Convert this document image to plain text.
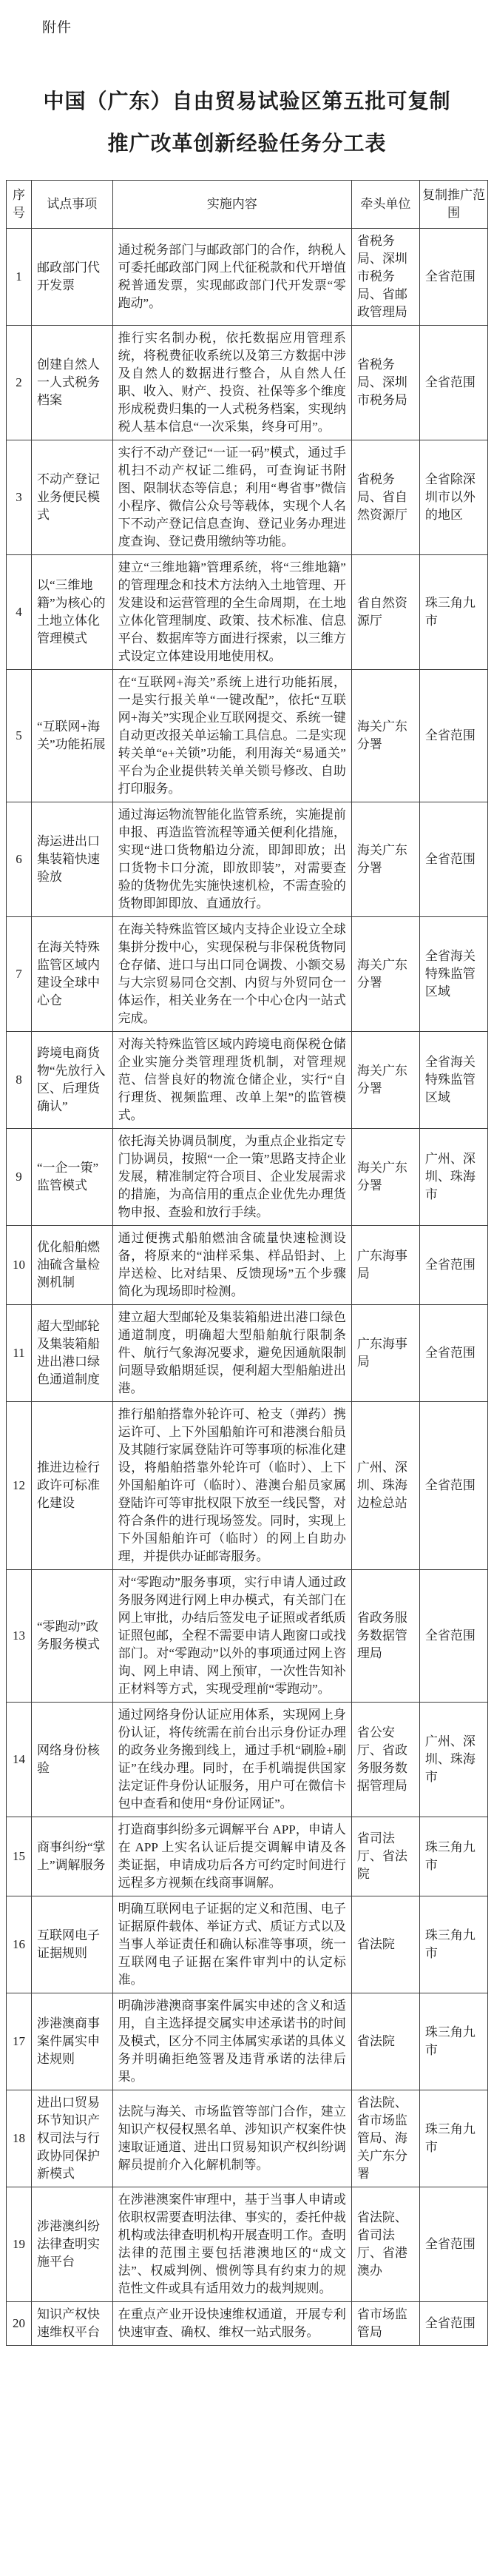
附件
中国（广东）自由贸易试验区第五批可复制
推广改革创新经验任务分工表
序号	试点事项	实施内容	牵头单位	复制推广范围
1	邮政部门代开发票	通过税务部门与邮政部门的合作，纳税人可委托邮政部门网上代征税款和代开增值税普通发票，实现邮政部门代开发票“零跑动”。	省税务局、深圳市税务局、省邮政管理局	全省范围
2	创建自然人一人式税务档案	推行实名制办税，依托数据应用管理系统，将税费征收系统以及第三方数据中涉及自然人的数据进行整合，从自然人任职、收入、财产、投资、社保等多个维度形成税费归集的一人式税务档案，实现纳税人基本信息“一次采集，终身可用”。	省税务局、深圳市税务局	全省范围
3	不动产登记业务便民模式	实行不动产登记“一证一码”模式，通过手机扫不动产权证二维码，可查询证书附图、限制状态等信息；利用“粤省事”微信小程序、微信公众号等载体，实现个人名下不动产登记信息查询、登记业务办理进度查询、登记费用缴纳等功能。	省税务局、省自然资源厅	全省除深圳市以外的地区
4	以“三维地籍”为核心的土地立体化管理模式	建立“三维地籍”管理系统，将“三维地籍”的管理理念和技术方法纳入土地管理、开发建设和运营管理的全生命周期，在土地立体化管理制度、政策、技术标准、信息平台、数据库等方面进行探索，以三维方式设定立体建设用地使用权。	省自然资源厅	珠三角九市
5	“互联网+海关”功能拓展	在“互联网+海关”系统上进行功能拓展，一是实行报关单“一键改配”，依托“互联网+海关”实现企业互联网提交、系统一键自动更改报关单运输工具信息。二是实现转关单“e+关锁”功能，利用海关“易通关”平台为企业提供转关单关锁号修改、自助打印服务。	海关广东分署	全省范围
6	海运进出口集装箱快速验放	通过海运物流智能化监管系统，实施提前申报、再造监管流程等通关便利化措施，实现“进口货物船边分流，即卸即放；出口货物卡口分流，即放即装”，对需要查验的货物优先实施快速机检，不需查验的货物即卸即放、直通放行。	海关广东分署	全省范围
7	在海关特殊监管区域内建设全球中心仓	在海关特殊监管区域内支持企业设立全球集拼分拨中心，实现保税与非保税货物同仓存储、进口与出口同仓调拨、小额交易与大宗贸易同仓交割、内贸与外贸同仓一体运作，相关业务在一个中心仓内一站式完成。	海关广东分署	全省海关特殊监管区域
8	跨境电商货物“先放行入区、后理货确认”	对海关特殊监管区域内跨境电商保税仓储企业实施分类管理理货机制，对管理规范、信誉良好的物流仓储企业，实行“自行理货、视频监理、改单上架”的监管模式。	海关广东分署	全省海关特殊监管区域
9	“一企一策”监管模式	依托海关协调员制度，为重点企业指定专门协调员，按照“一企一策”思路支持企业发展，精准制定符合项目、企业发展需求的措施，为高信用的重点企业优先办理货物申报、查验和放行手续。	海关广东分署	广州、深圳、珠海市
10	优化船舶燃油硫含量检测机制	通过便携式船舶燃油含硫量快速检测设备，将原来的“油样采集、样品铅封、上岸送检、比对结果、反馈现场”五个步骤简化为现场即时检测。	广东海事局	全省范围
11	超大型邮轮及集装箱船进出港口绿色通道制度	建立超大型邮轮及集装箱船进出港口绿色通道制度，明确超大型船舶航行限制条件、航行气象海况要求，避免因通航限制问题导致船期延误，便利超大型船舶进出港。	广东海事局	全省范围
12	推进边检行政许可标准化建设	推行船舶搭靠外轮许可、枪支（弹药）携运许可、上下外国船舶许可和港澳台船员及其随行家属登陆许可等事项的标准化建设，将船舶搭靠外轮许可（临时）、上下外国船舶许可（临时）、港澳台船员家属登陆许可等审批权限下放至一线民警，对符合条件的进行现场签发。同时，实现上下外国船舶许可（临时）的网上自助办理，并提供办证邮寄服务。	广州、深圳、珠海边检总站	全省范围
13	“零跑动”政务服务模式	对“零跑动”服务事项，实行申请人通过政务服务网进行网上申办模式，有关部门在网上审批，办结后签发电子证照或者纸质证照包邮，全程不需要申请人跑窗口或找部门。对“零跑动”以外的事项通过网上咨询、网上申请、网上预审，一次性告知补正材料等方式，实现受理前“零跑动”。	省政务服务数据管理局	全省范围
14	网络身份核验	通过网络身份认证应用体系，实现网上身份认证，将传统需在前台出示身份证办理的政务业务搬到线上，通过手机“刷脸+刷证”在线办理。同时，在手机端提供国家法定证件身份认证服务，用户可在微信卡包中查看和使用“身份证网证”。	省公安厅、省政务服务数据管理局	广州、深圳、珠海市
15	商事纠纷“掌上”调解服务	打造商事纠纷多元调解平台 APP，申请人在 APP 上实名认证后提交调解申请及各类证据，申请成功后各方可约定时间进行远程多方视频在线商事调解。	省司法厅、省法院	珠三角九市
16	互联网电子证据规则	明确互联网电子证据的定义和范围、电子证据原件载体、举证方式、质证方式以及当事人举证责任和确认标准等事项，统一互联网电子证据在案件审判中的认定标准。	省法院	珠三角九市
17	涉港澳商事案件属实申述规则	明确涉港澳商事案件属实申述的含义和适用，自主选择提交属实申述承诺书的时间及模式，区分不同主体属实承诺的具体义务并明确拒绝签署及违背承诺的法律后果。	省法院	珠三角九市
18	进出口贸易环节知识产权司法与行政协同保护新模式	法院与海关、市场监管等部门合作，建立知识产权侵权黑名单、涉知识产权案件快速取证通道、进出口贸易知识产权纠纷调解员提前介入化解机制等。	省法院、省市场监管局、海关广东分署	珠三角九市
19	涉港澳纠纷法律查明实施平台	在涉港澳案件审理中，基于当事人申请或依职权需要查明法律、事实的，委托仲裁机构或法律查明机构开展查明工作。查明法律的范围主要包括港澳地区的“成文法”、权威判例、惯例等具有约束力的规范性文件或具有适用效力的裁判规则。	省法院、省司法厅、省港澳办	全省范围
20	知识产权快速维权平台	在重点产业开设快速维权通道，开展专利快速审查、确权、维权一站式服务。	省市场监管局	全省范围
